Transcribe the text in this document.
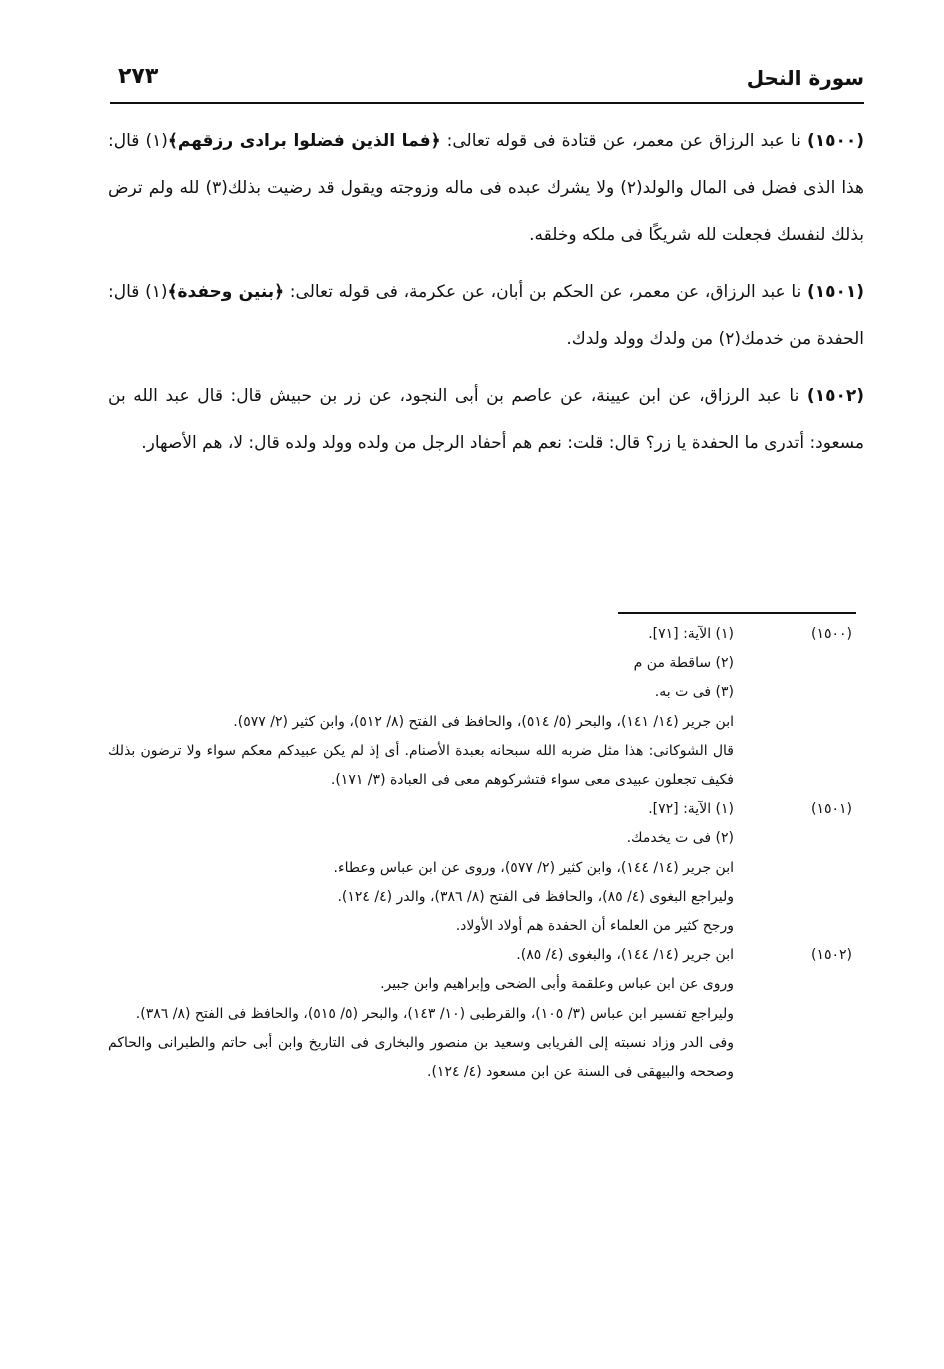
سورة النحل
٢٧٣

(١٥٠٠) نا عبد الرزاق عن معمر، عن قتادة فى قوله تعالى: ﴿فما الذين فضلوا برادى رزقهم﴾(١) قال: هذا الذى فضل فى المال والولد(٢) ولا يشرك عبده فى ماله وزوجته ويقول قد رضيت بذلك(٣) لله ولم ترض بذلك لنفسك فجعلت لله شريكًا فى ملكه وخلقه.

(١٥٠١) نا عبد الرزاق، عن معمر، عن الحكم بن أبان، عن عكرمة، فى قوله تعالى: ﴿بنين وحفدة﴾(١) قال: الحفدة من خدمك(٢) من ولدك وولد ولدك.

(١٥٠٢) نا عبد الرزاق، عن ابن عيينة، عن عاصم بن أبى النجود، عن زر بن حبيش قال: قال عبد الله بن مسعود: أتدرى ما الحفدة يا زر؟ قال: قلت: نعم هم أحفاد الرجل من ولده وولد ولده قال: لا، هم الأصهار.

(١٥٠٠)
(١) الآية: [٧١].
(٢) ساقطة من م
(٣) فى ت به.
ابن جرير (١٤/ ١٤١)، والبحر (٥/ ٥١٤)، والحافظ فى الفتح (٨/ ٥١٢)، وابن كثير (٢/ ٥٧٧).
قال الشوكانى: هذا مثل ضربه الله سبحانه بعبدة الأصنام. أى إذ لم يكن عبيدكم معكم سواء ولا ترضون بذلك فكيف تجعلون عبيدى معى سواء فتشركوهم معى فى العبادة (٣/ ١٧١).
(١٥٠١)
(١) الآية: [٧٢].
(٢) فى ت يخدمك.
ابن جرير (١٤/ ١٤٤)، وابن كثير (٢/ ٥٧٧)، وروى عن ابن عباس وعطاء.
وليراجع البغوى (٤/ ٨٥)، والحافظ فى الفتح (٨/ ٣٨٦)، والدر (٤/ ١٢٤).
ورجح كثير من العلماء أن الحفدة هم أولاد الأولاد.
(١٥٠٢)
ابن جرير (١٤/ ١٤٤)، والبغوى (٤/ ٨٥).
وروى عن ابن عباس وعلقمة وأبى الضحى وإبراهيم وابن جبير.
وليراجع تفسير ابن عباس (٣/ ١٠٥)، والقرطبى (١٠/ ١٤٣)، والبحر (٥/ ٥١٥)، والحافظ فى الفتح (٨/ ٣٨٦).
وفى الدر وزاد نسبته إلى الفريابى وسعيد بن منصور والبخارى فى التاريخ وابن أبى حاتم والطبرانى والحاكم وصححه والبيهقى فى السنة عن ابن مسعود (٤/ ١٢٤).
